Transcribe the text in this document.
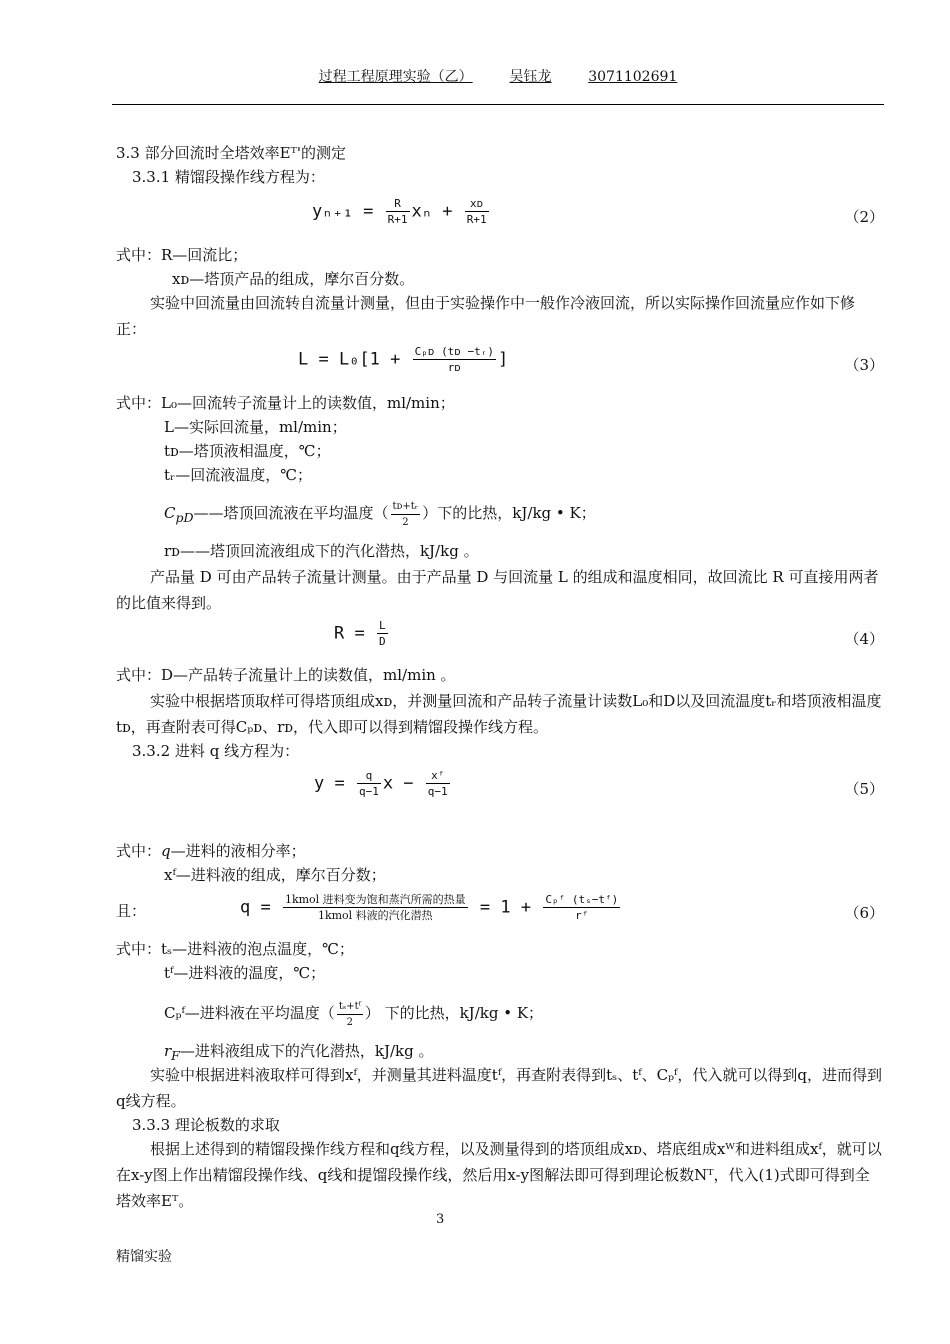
过程工程原理实验（乙）	吴钰龙	3071102691
3.3 部分回流时全塔效率Eᵀ'的测定
3.3.1 精馏段操作线方程为：
$y_{n+1} = \frac{R}{R+1}$ $x_n + \frac{\text{xᴅ}}{R+1}$	（2）
式中：R—回流比；
xᴅ—塔顶产品的组成，摩尔百分数。
实验中回流量由回流转自流量计测量，但由于实验操作中一般作冷液回流，所以实际操作回流量应作如下修正：
$L = L_0[1 + \frac{\text{Cₚᴅ (tᴅ −tᵣ)}}{\text{rᴅ}}$ ]	（3）
式中：L₀—回流转子流量计上的读数值，ml/min；
L—实际回流量，ml/min；
tᴅ—塔顶液相温度，℃；
tᵣ—回流液温度，℃；
$C_{pD}——$塔顶回流液在平均温度（ $\frac{\text{tᴅ+tᵣ}}{2}$ ）下的比热，kJ/kg • K；
rᴅ——塔顶回流液组成下的汽化潜热，kJ/kg 。
产品量 D 可由产品转子流量计测量。由于产品量 D 与回流量 L 的组成和温度相同，故回流比 R 可直接用两者的比值来得到。
$R = \frac{L}{D}$	（4）
式中：D—产品转子流量计上的读数值，ml/min 。
实验中根据塔顶取样可得塔顶组成xᴅ，并测量回流和产品转子流量计读数L₀和D以及回流温度tᵣ和塔顶液相温度tᴅ，再查附表可得Cₚᴅ、rᴅ，代入即可以得到精馏段操作线方程。
3.3.2 进料 q 线方程为：
$y = \frac{q}{q-1}$ $x - \frac{\text{xᶠ}}{q-1}$	（5）
式中：q—进料的液相分率；
xᶠ—进料液的组成，摩尔百分数；
且：	$q = \frac{\text{1kmol 进料变为饱和蒸汽所需的热量}}{\text{1kmol 料液的汽化潜热}} = 1 + \frac{\text{Cₚᶠ (tₛ−tᶠ)}}{\text{rᶠ}}$	（6）
式中：tₛ—进料液的泡点温度，℃；
tᶠ—进料液的温度，℃；
Cₚᶠ—进料液在平均温度（ $\frac{\text{tₛ+tᶠ}}{2}$ ） 下的比热，kJ/kg • K；
$r_F—$进料液组成下的汽化潜热，kJ/kg 。
实验中根据进料液取样可得到xᶠ，并测量其进料温度tᶠ，再查附表得到tₛ、tᶠ、Cₚᶠ，代入就可以得到q，进而得到q线方程。
3.3.3 理论板数的求取
根据上述得到的精馏段操作线方程和q线方程，以及测量得到的塔顶组成xᴅ、塔底组成xᵂ和进料组成xᶠ，就可以在x-y图上作出精馏段操作线、q线和提馏段操作线，然后用x-y图解法即可得到理论板数Nᵀ，代入(1)式即可得到全塔效率Eᵀ。
3
精馏实验
